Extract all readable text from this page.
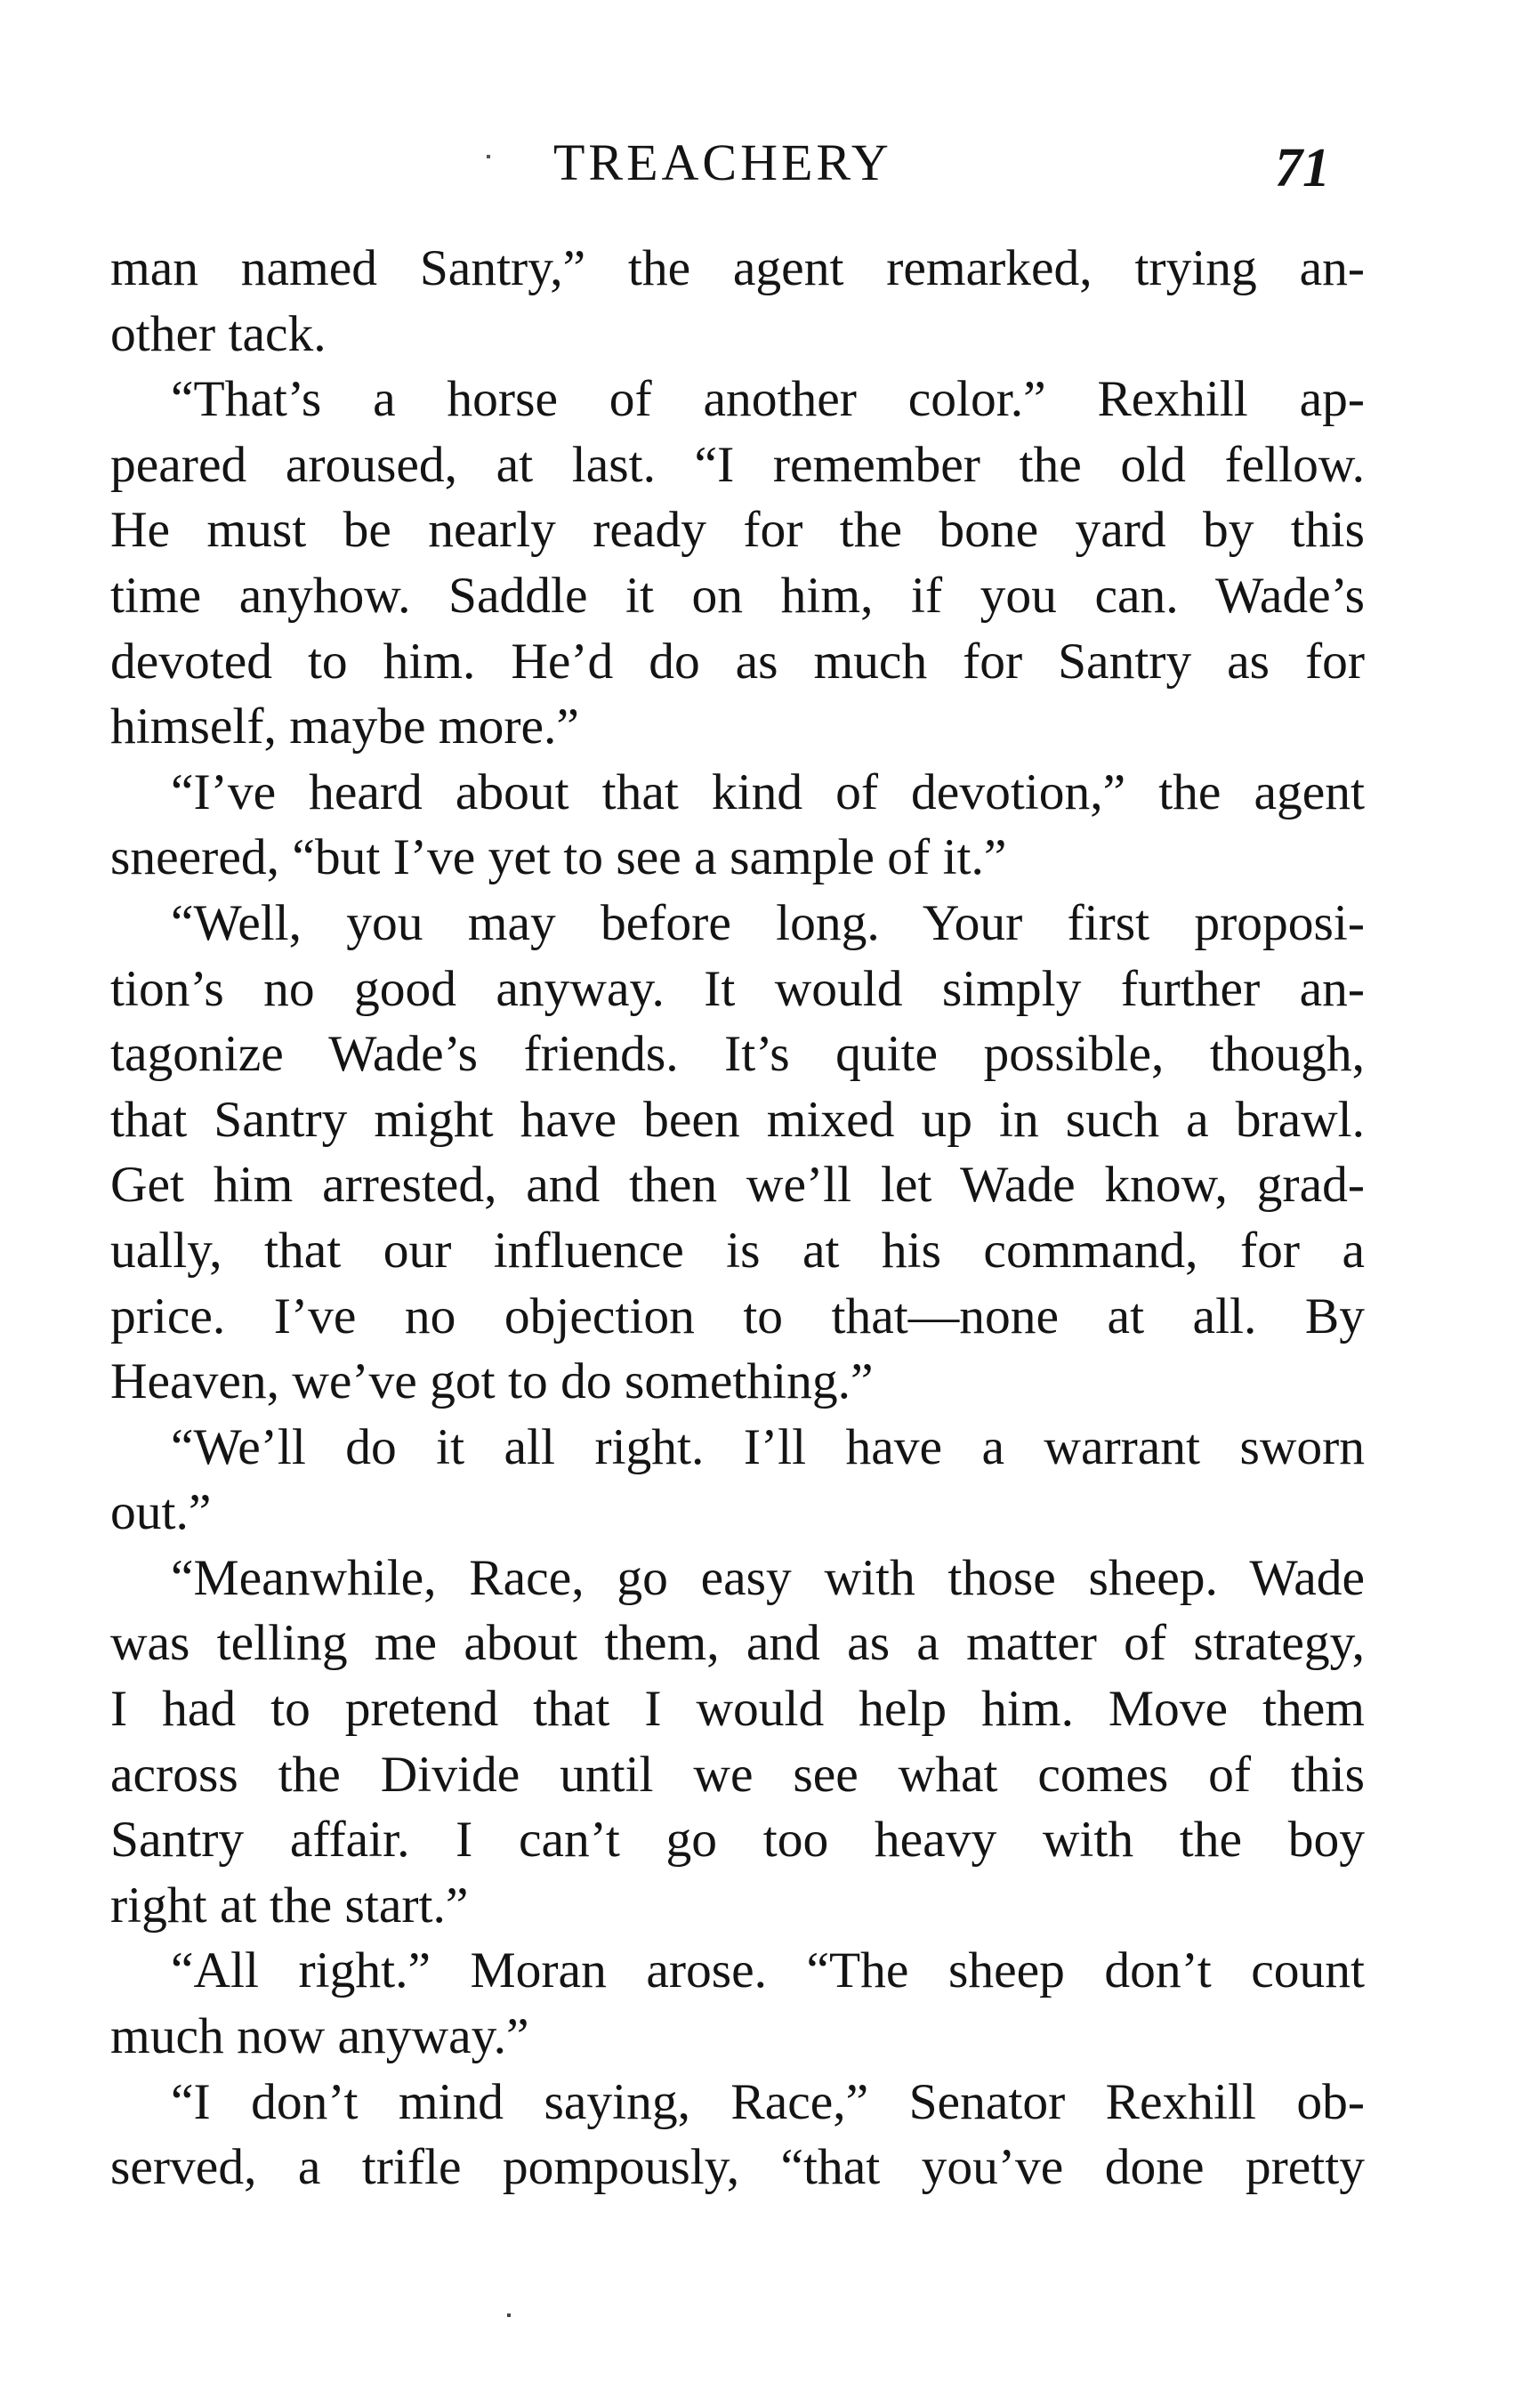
TREACHERY	71
man named Santry,” the agent remarked, trying an-
other tack.
“That’s a horse of another color.” Rexhill ap-
peared aroused, at last. “I remember the old fellow.
He must be nearly ready for the bone yard by this
time anyhow. Saddle it on him, if you can. Wade’s
devoted to him. He’d do as much for Santry as for
himself, maybe more.”
“I’ve heard about that kind of devotion,” the agent
sneered, “but I’ve yet to see a sample of it.”
“Well, you may before long. Your first proposi-
tion’s no good anyway. It would simply further an-
tagonize Wade’s friends. It’s quite possible, though,
that Santry might have been mixed up in such a brawl.
Get him arrested, and then we’ll let Wade know, grad-
ually, that our influence is at his command, for a
price. I’ve no objection to that—none at all. By
Heaven, we’ve got to do something.”
“We’ll do it all right. I’ll have a warrant sworn
out.”
“Meanwhile, Race, go easy with those sheep. Wade
was telling me about them, and as a matter of strategy,
I had to pretend that I would help him. Move them
across the Divide until we see what comes of this
Santry affair. I can’t go too heavy with the boy
right at the start.”
“All right.” Moran arose. “The sheep don’t count
much now anyway.”
“I don’t mind saying, Race,” Senator Rexhill ob-
served, a trifle pompously, “that you’ve done pretty
